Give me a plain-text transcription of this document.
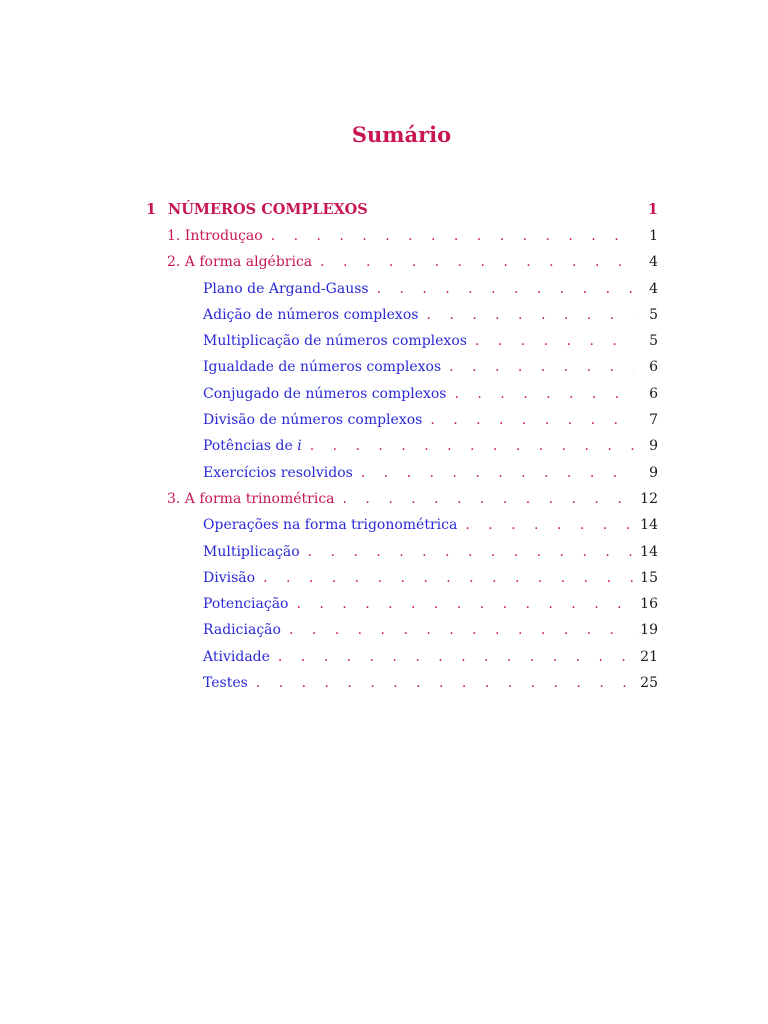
Sumário
1 NÚMEROS COMPLEXOS	1
1. Introduçao . . .	1
2. A forma algébrica . . .	4
Plano de Argand-Gauss . . .	4
Adição de números complexos . . .	5
Multiplicação de números complexos . . .	5
Igualdade de números complexos . . .	6
Conjugado de números complexos . . .	6
Divisão de números complexos . . .	7
Potências de i . . .	9
Exercícios resolvidos . . .	9
3. A forma trinométrica . . .	12
Operações na forma trigonométrica . . .	14
Multiplicação . . .	14
Divisão . . .	15
Potenciação . . .	16
Radiciação . . .	19
Atividade . . .	21
Testes . . .	25
